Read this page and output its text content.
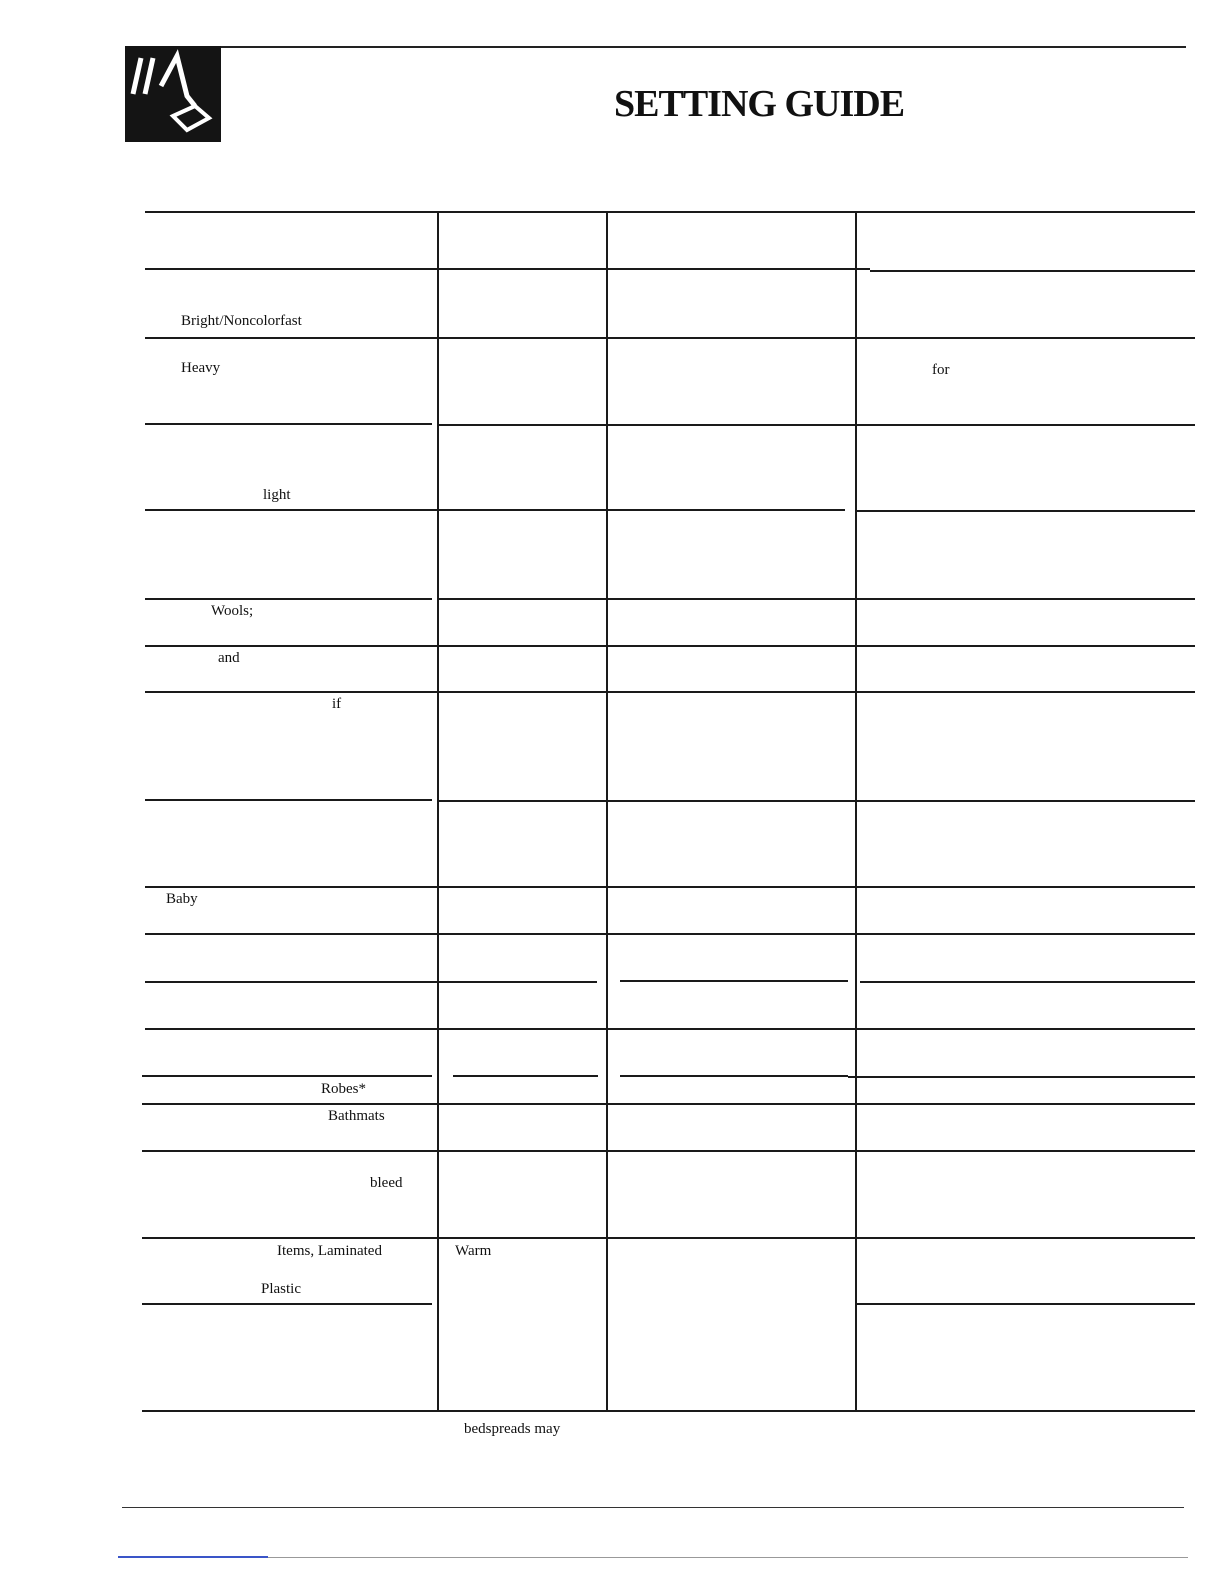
SETTING GUIDE
Bright/Noncolorfast
Heavy	for
light
Wools;
and
if
Baby
Robes*
Bathmats
bleed
Items, Laminated	Warm
Plastic
bedspreads may
